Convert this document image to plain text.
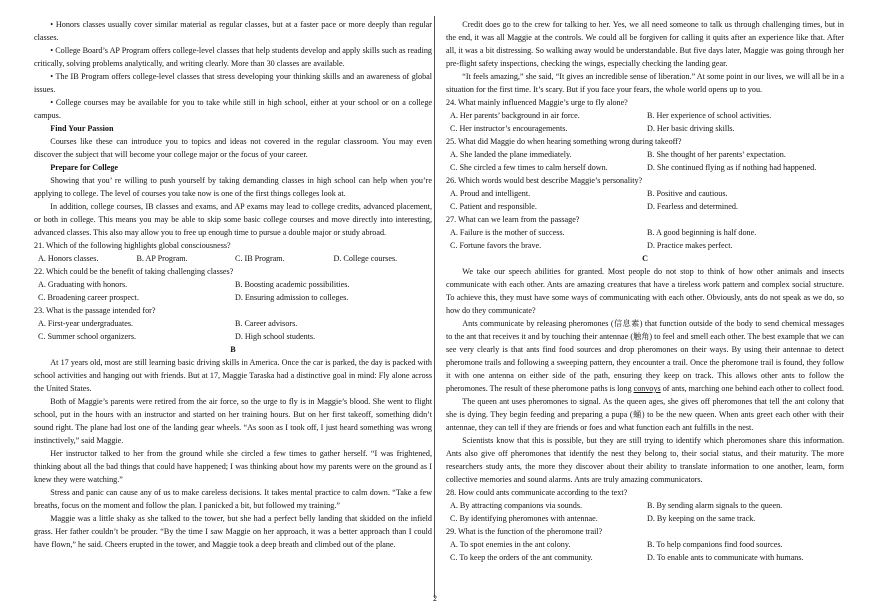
• Honors classes usually cover similar material as regular classes, but at a faster pace or more deeply than regular classes.

• College Board’s AP Program offers college-level classes that help students develop and apply skills such as reading critically, solving problems analytically, and writing clearly. More than 30 classes are available.

• The IB Program offers college-level classes that stress developing your thinking skills and an awareness of global issues.

• College courses may be available for you to take while still in high school, either at your school or on a college campus.

Find Your Passion

Courses like these can introduce you to topics and ideas not covered in the regular classroom. You may even discover the subject that will become your college major or the focus of your career.

Prepare for College

Showing that you’ re willing to push yourself by taking demanding classes in high school can help when you’re applying to college. The level of courses you take now is one of the first things colleges look at.

In addition, college courses, IB classes and exams, and AP exams may lead to college credits, advanced placement, or both in college. This means you may be able to skip some basic college courses and move directly into interesting, advanced classes. This also may allow you to free up enough time to pursue a double major or study abroad.

21. Which of the following highlights global consciousness?

A. Honors classes.	B. AP Program.	C. IB Program.	D. College courses.

22. Which could be the benefit of taking challenging classes?

A. Graduating with honors.	B. Boosting academic possibilities.
C. Broadening career prospect.	D. Ensuring admission to colleges.

23. What is the passage intended for?

A. First-year undergraduates.	B. Career advisors.
C. Summer school organizers.	D. High school students.

B

At 17 years old, most are still learning basic driving skills in America. Once the car is parked, the day is packed with school activities and hanging out with friends. But at 17, Maggie Taraska had a distinctive goal in mind: Fly alone across the United States.

Both of Maggie’s parents were retired from the air force, so the urge to fly is in Maggie’s blood. She went to flight school, put in the hours with an instructor and started on her training hours. But on her first takeoff, something didn’t sound right. The plane had lost one of the landing gear wheels. “As soon as I took off, I just heard something was wrong instinctively,” said Maggie.

Her instructor talked to her from the ground while she circled a few times to gather herself. “I was frightened, thinking about all the bad things that could have happened; I was thinking about how my parents were on the ground as I knew they were watching.”

Stress and panic can cause any of us to make careless decisions. It takes mental practice to calm down. “Take a few breaths, focus on the moment and follow the plan. I panicked a bit, but followed my training.”

Maggie was a little shaky as she talked to the tower, but she had a perfect belly landing that skidded on the infield grass. Her father couldn’t be prouder. “By the time I saw Maggie on her approach, it was a better approach than I could have flown,” he said. Cheers erupted in the tower, and Maggie took a deep breath and climbed out of the plane.

Credit does go to the crew for talking to her. Yes, we all need someone to talk us through challenging times, but in the end, it was all Maggie at the controls. We could all be forgiven for calling it quits after an experience like that. After all, it was a bit distressing. So walking away would be understandable. But five days later, Maggie was going through her pre-flight safety inspections, checking the wings, especially checking the landing gear.

“It feels amazing,” she said, “It gives an incredible sense of liberation.” At some point in our lives, we will all be in a situation for the first time. It’s scary. But if you face your fears, the whole world opens up to you.

24. What mainly influenced Maggie’s urge to fly alone?

A. Her parents’ background in air force.	B. Her experience of school activities.
C. Her instructor’s encouragements.	D. Her basic driving skills.

25. What did Maggie do when hearing something wrong during takeoff?

A. She landed the plane immediately.	B. She thought of her parents’ expectation.
C. She circled a few times to calm herself down.	D. She continued flying as if nothing had happened.

26. Which words would best describe Maggie’s personality?

A. Proud and intelligent.	B. Positive and cautious.
C. Patient and responsible.	D. Fearless and determined.

27. What can we learn from the passage?

A. Failure is the mother of success.	B. A good beginning is half done.
C. Fortune favors the brave.	D. Practice makes perfect.

C

We take our speech abilities for granted. Most people do not stop to think of how other animals and insects communicate with each other. Ants are amazing creatures that have a tireless work pattern and complex social structure. To achieve this, they must have some ways of communicating with each other. Obviously, ants do not speak as we do, so how do they communicate?

Ants communicate by releasing pheromones (信息素) that function outside of the body to send chemical messages to the ant that receives it and by touching their antennae (触角) to feel and smell each other. The best example that we can see very clearly is that ants find food sources and drop pheromones on their ways. By using their antennae to detect pheromone trails and following a sweeping pattern, they encounter a trail. Once the pheromone trail is found, they follow it with one antenna on either side of the path, ensuring they keep on track. This allows other ants to follow the pheromones. The result of these pheromone paths is long convoys of ants, marching one behind each other to collect food.

The queen ant uses pheromones to signal. As the queen ages, she gives off pheromones that tell the ant colony that she is dying. They begin feeding and preparing a pupa (蛹) to be the new queen. When ants greet each other with their antennae, they can tell if they are friends or foes and what function each ant fulfills in the nest.

Scientists know that this is possible, but they are still trying to identify which pheromones share this information. Ants also give off pheromones that identify the nest they belong to, their social status, and their maturity. The more researchers study ants, the more they discover about their ability to translate information to one another, learn, form collective memories and sound alarms. Ants are truly amazing communicators.

28. How could ants communicate according to the text?

A. By attracting companions via sounds.	B. By sending alarm signals to the queen.
C. By identifying pheromones with antennae.	D. By keeping on the same track.

29. What is the function of the pheromone trail?

A. To spot enemies in the ant colony.	B. To help companions find food sources.
C. To keep the orders of the ant community.	D. To enable ants to communicate with humans.
2
